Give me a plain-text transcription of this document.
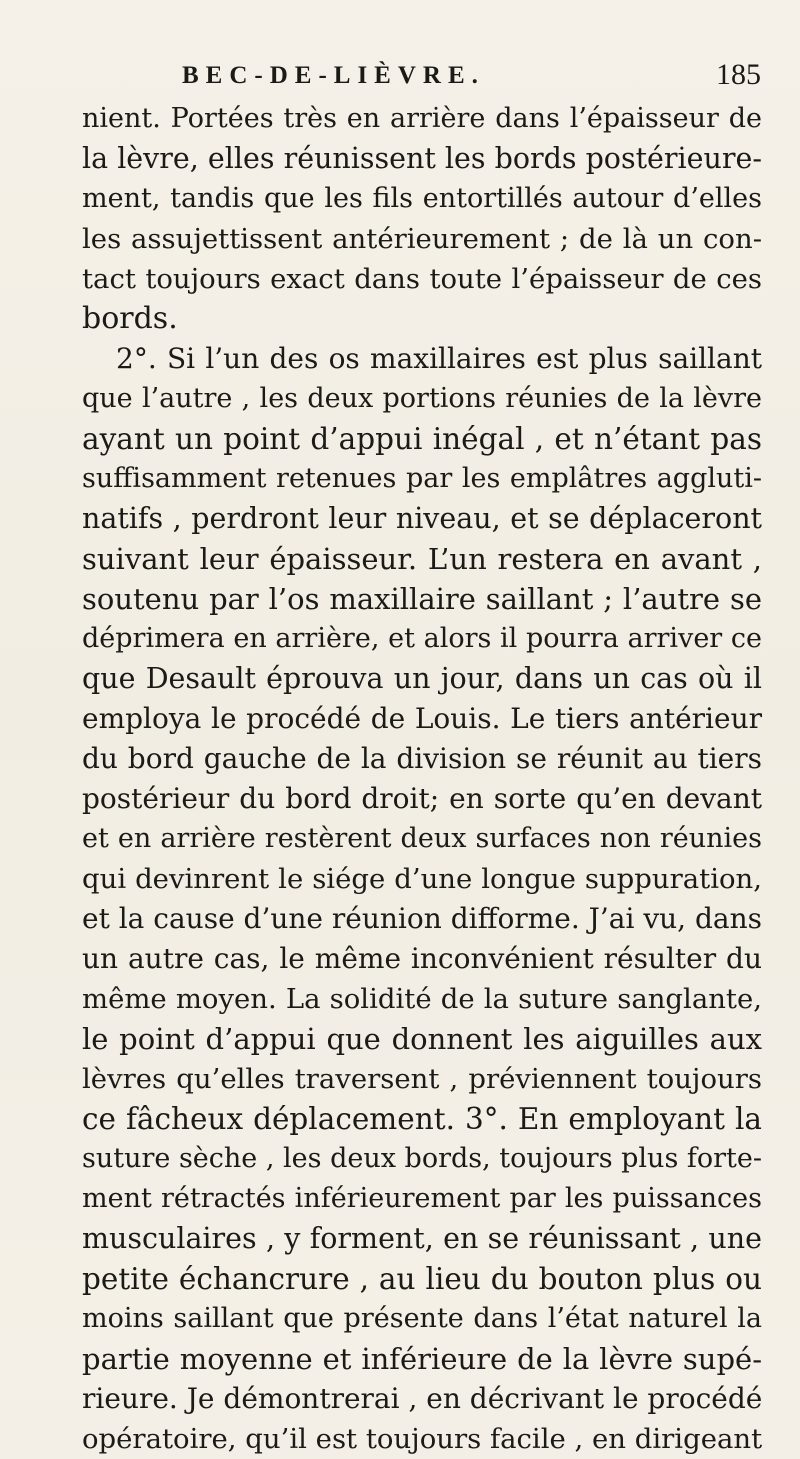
BEC-DE-LIÈVRE.	185
nient. Portées très en arrière dans l’épaisseur de
la lèvre, elles réunissent les bords postérieure-
ment, tandis que les fils entortillés autour d’elles
les assujettissent antérieurement ; de là un con-
tact toujours exact dans toute l’épaisseur de ces
bords.
2°. Si l’un des os maxillaires est plus saillant
que l’autre , les deux portions réunies de la lèvre
ayant un point d’appui inégal , et n’étant pas
suffisamment retenues par les emplâtres aggluti-
natifs , perdront leur niveau, et se déplaceront
suivant leur épaisseur. L’un restera en avant ,
soutenu par l’os maxillaire saillant ; l’autre se
déprimera en arrière, et alors il pourra arriver ce
que Desault éprouva un jour, dans un cas où il
employa le procédé de Louis. Le tiers antérieur
du bord gauche de la division se réunit au tiers
postérieur du bord droit; en sorte qu’en devant
et en arrière restèrent deux surfaces non réunies
qui devinrent le siége d’une longue suppuration,
et la cause d’une réunion difforme. J’ai vu, dans
un autre cas, le même inconvénient résulter du
même moyen. La solidité de la suture sanglante,
le point d’appui que donnent les aiguilles aux
lèvres qu’elles traversent , préviennent toujours
ce fâcheux déplacement. 3°. En employant la
suture sèche , les deux bords, toujours plus forte-
ment rétractés inférieurement par les puissances
musculaires , y forment, en se réunissant , une
petite échancrure , au lieu du bouton plus ou
moins saillant que présente dans l’état naturel la
partie moyenne et inférieure de la lèvre supé-
rieure. Je démontrerai , en décrivant le procédé
opératoire, qu’il est toujours facile , en dirigeant
